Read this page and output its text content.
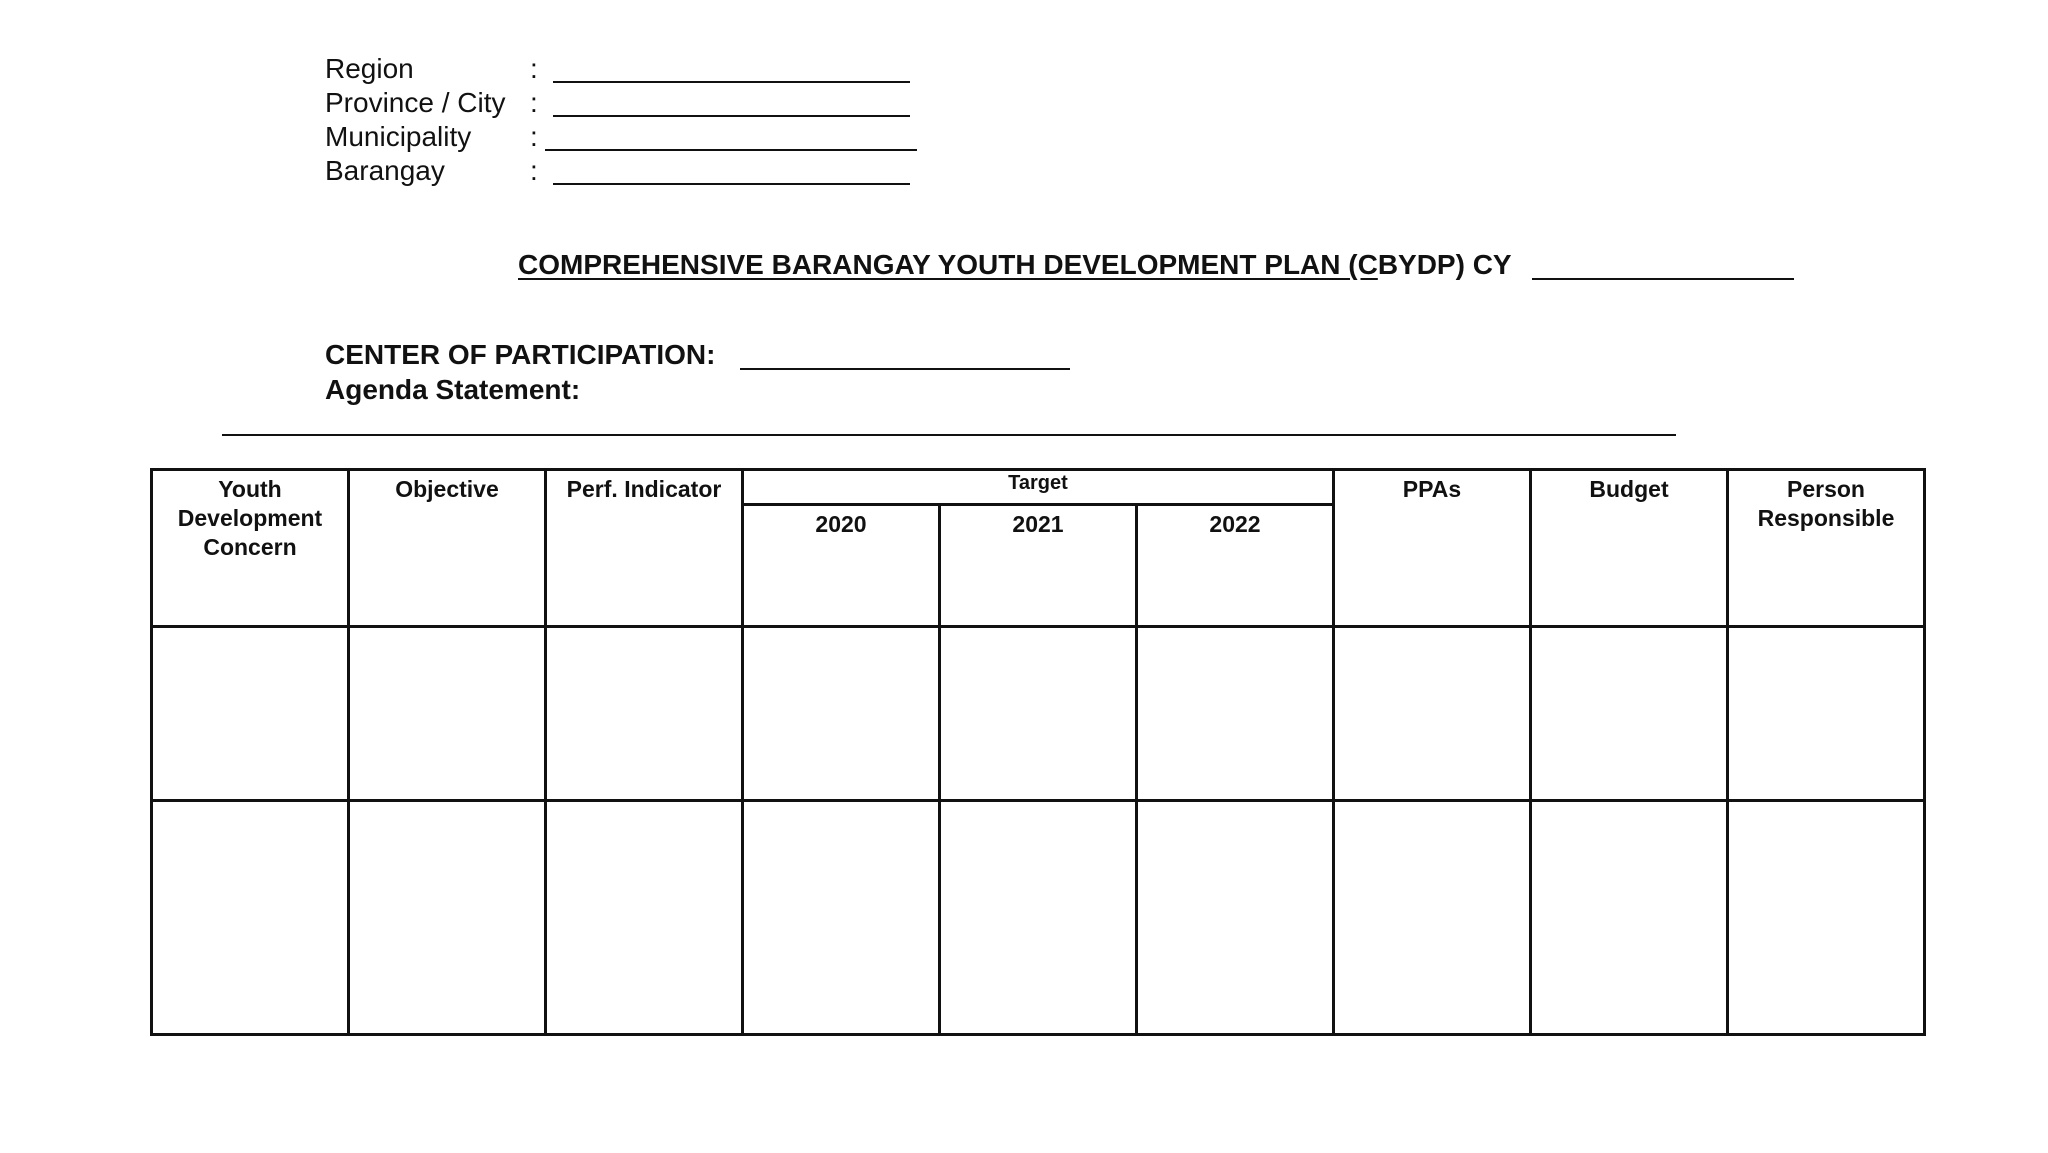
Region	:
Province / City :
Municipality :
Barangay	:
COMPREHENSIVE BARANGAY YOUTH DEVELOPMENT PLAN (CBYDP) CY
CENTER OF PARTICIPATION:
Agenda Statement:
Youth Development Concern	Objective	Perf. Indicator	Target			PPAs	Budget	Person Responsible
			2020	2021	2022			
